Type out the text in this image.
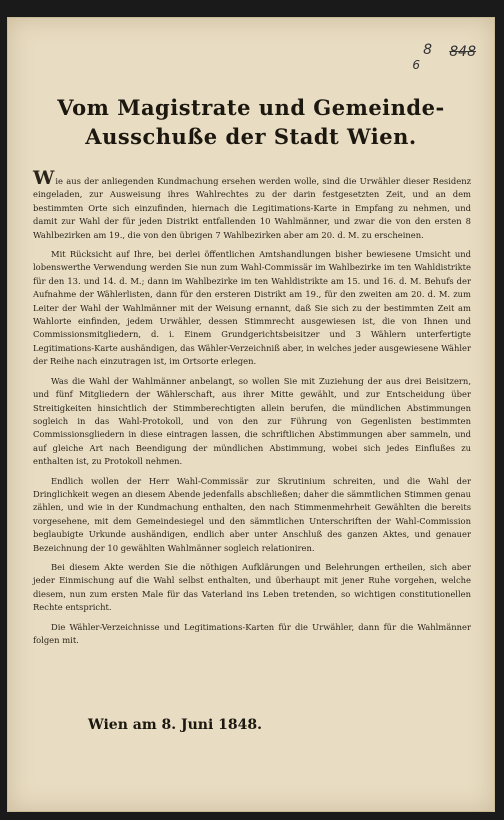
8 848
6
Vom Magistrate und Gemeinde-
Ausschuße der Stadt Wien.

Wie aus der anliegenden Kundmachung ersehen werden wolle, sind die Urwähler dieser Residenz eingeladen, zur Ausweisung ihres Wahlrechtes zu der darin festgesetzten Zeit, und an dem bestimmten Orte sich einzufinden, hiernach die Legitimations-Karte in Empfang zu nehmen, und damit zur Wahl der für jeden Distrikt entfallenden 10 Wahlmänner, und zwar die von den ersten 8 Wahlbezirken am 19., die von den übrigen 7 Wahlbezirken aber am 20. d. M. zu erscheinen.

Mit Rücksicht auf Ihre, bei derlei öffentlichen Amtshandlungen bisher bewiesene Umsicht und lobenswerthe Verwendung werden Sie nun zum Wahl-Commissär im Wahlbezirke im ten Wahldistrikte für den 13. und 14. d. M.; dann im Wahlbezirke im ten Wahldistrikte am 15. und 16. d. M. Behufs der Aufnahme der Wählerlisten, dann für den ersteren Distrikt am 19., für den zweiten am 20. d. M. zum Leiter der Wahl der Wahlmänner mit der Weisung ernannt, daß Sie sich zu der bestimmten Zeit am Wahlorte einfinden, jedem Urwähler, dessen Stimmrecht ausgewiesen ist, die von Ihnen und Commissionsmitgliedern, d. i. Einem Grundgerichtsbeisitzer und 3 Wählern unterfertigte Legitimations-Karte aushändigen, das Wähler-Verzeichniß aber, in welches jeder ausgewiesene Wähler der Reihe nach einzutragen ist, im Ortsorte erlegen.

Was die Wahl der Wahlmänner anbelangt, so wollen Sie mit Zuziehung der aus drei Beisitzern, und fünf Mitgliedern der Wählerschaft, aus ihrer Mitte gewählt, und zur Entscheidung über Streitigkeiten hinsichtlich der Stimmberechtigten allein berufen, die mündlichen Abstimmungen sogleich in das Wahl-Protokoll, und von den zur Führung von Gegenlisten bestimmten Commissionsgliedern in diese eintragen lassen, die schriftlichen Abstimmungen aber sammeln, und auf gleiche Art nach Beendigung der mündlichen Abstimmung, wobei sich jedes Einflußes zu enthalten ist, zu Protokoll nehmen.

Endlich wollen der Herr Wahl-Commissär zur Skrutinium schreiten, und die Wahl der Dringlichkeit wegen an diesem Abende jedenfalls abschließen; daher die sämmtlichen Stimmen genau zählen, und wie in der Kundmachung enthalten, den nach Stimmenmehrheit Gewählten die bereits vorgesehene, mit dem Gemeindesiegel und den sämmtlichen Unterschriften der Wahl-Commission beglaubigte Urkunde aushändigen, endlich aber unter Anschluß des ganzen Aktes, und genauer Bezeichnung der 10 gewählten Wahlmänner sogleich relationiren.

Bei diesem Akte werden Sie die nöthigen Aufklärungen und Belehrungen ertheilen, sich aber jeder Einmischung auf die Wahl selbst enthalten, und überhaupt mit jener Ruhe vorgehen, welche diesem, nun zum ersten Male für das Vaterland ins Leben tretenden, so wichtigen constitutionellen Rechte entspricht.

Die Wähler-Verzeichnisse und Legitimations-Karten für die Urwähler, dann für die Wahlmänner folgen mit.

Wien am 8. Juni 1848.
